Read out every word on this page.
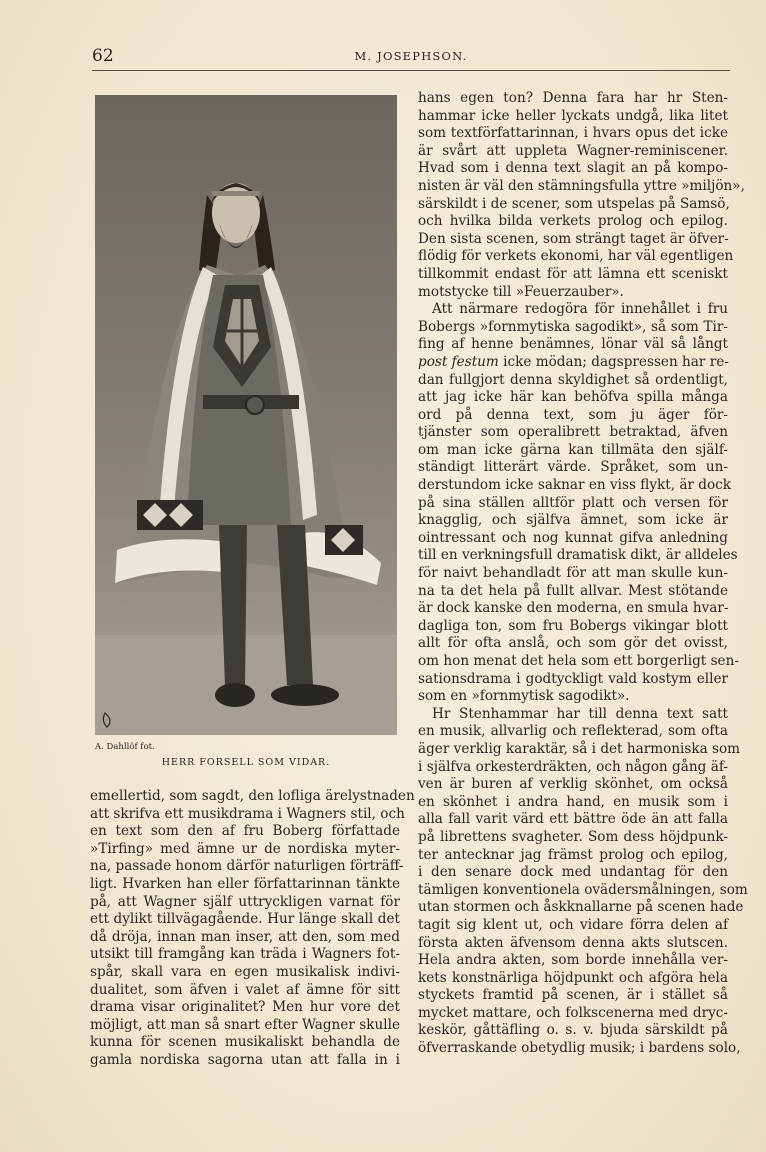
62	M. JOSEPHSON.
A. Dahllöf fot.
HERR FORSELL SOM VIDAR.
emellertid, som sagdt, den lofliga ärelystnaden
att skrifva ett musikdrama i Wagners stil, och
en text som den af fru Boberg författade
»Tirfing» med ämne ur de nordiska myter-
na, passade honom därför naturligen förträff-
ligt. Hvarken han eller författarinnan tänkte
på, att Wagner själf uttryckligen varnat för
ett dylikt tillvägagående. Hur länge skall det
då dröja, innan man inser, att den, som med
utsikt till framgång kan träda i Wagners fot-
spår, skall vara en egen musikalisk indivi-
dualitet, som äfven i valet af ämne för sitt
drama visar originalitet? Men hur vore det
möjligt, att man så snart efter Wagner skulle
kunna för scenen musikaliskt behandla de
gamla nordiska sagorna utan att falla in i
hans egen ton? Denna fara har hr Sten-
hammar icke heller lyckats undgå, lika litet
som textförfattarinnan, i hvars opus det icke
är svårt att uppleta Wagner-reminiscener.
Hvad som i denna text slagit an på kompo-
nisten är väl den stämningsfulla yttre »miljön»,
särskildt i de scener, som utspelas på Samsö,
och hvilka bilda verkets prolog och epilog.
Den sista scenen, som strängt taget är öfver-
flödig för verkets ekonomi, har väl egentligen
tillkommit endast för att lämna ett sceniskt
motstycke till »Feuerzauber».
Att närmare redogöra för innehållet i fru
Bobergs »fornmytiska sagodikt», så som Tir-
fing af henne benämnes, lönar väl så långt
post festum icke mödan; dagspressen har re-
dan fullgjort denna skyldighet så ordentligt,
att jag icke här kan behöfva spilla många
ord på denna text, som ju äger för-
tjänster som operalibrett betraktad, äfven
om man icke gärna kan tillmäta den själf-
ständigt litterärt värde. Språket, som un-
derstundom icke saknar en viss flykt, är dock
på sina ställen alltför platt och versen för
knagglig, och själfva ämnet, som icke är
ointressant och nog kunnat gifva anledning
till en verkningsfull dramatisk dikt, är alldeles
för naivt behandladt för att man skulle kun-
na ta det hela på fullt allvar. Mest stötande
är dock kanske den moderna, en smula hvar-
dagliga ton, som fru Bobergs vikingar blott
allt för ofta anslå, och som gör det ovisst,
om hon menat det hela som ett borgerligt sen-
sationsdrama i godtyckligt vald kostym eller
som en »fornmytisk sagodikt».
Hr Stenhammar har till denna text satt
en musik, allvarlig och reflekterad, som ofta
äger verklig karaktär, så i det harmoniska som
i själfva orkesterdräkten, och någon gång äf-
ven är buren af verklig skönhet, om också
en skönhet i andra hand, en musik som i
alla fall varit värd ett bättre öde än att falla
på librettens svagheter. Som dess höjdpunk-
ter antecknar jag främst prolog och epilog,
i den senare dock med undantag för den
tämligen konventionela ovädersmålningen, som
utan stormen och åskknallarne på scenen hade
tagit sig klent ut, och vidare förra delen af
första akten äfvensom denna akts slutscen.
Hela andra akten, som borde innehålla ver-
kets konstnärliga höjdpunkt och afgöra hela
styckets framtid på scenen, är i stället så
mycket mattare, och folkscenerna med dryc-
keskör, gåttäfling o. s. v. bjuda särskildt på
öfverraskande obetydlig musik; i bardens solo,
